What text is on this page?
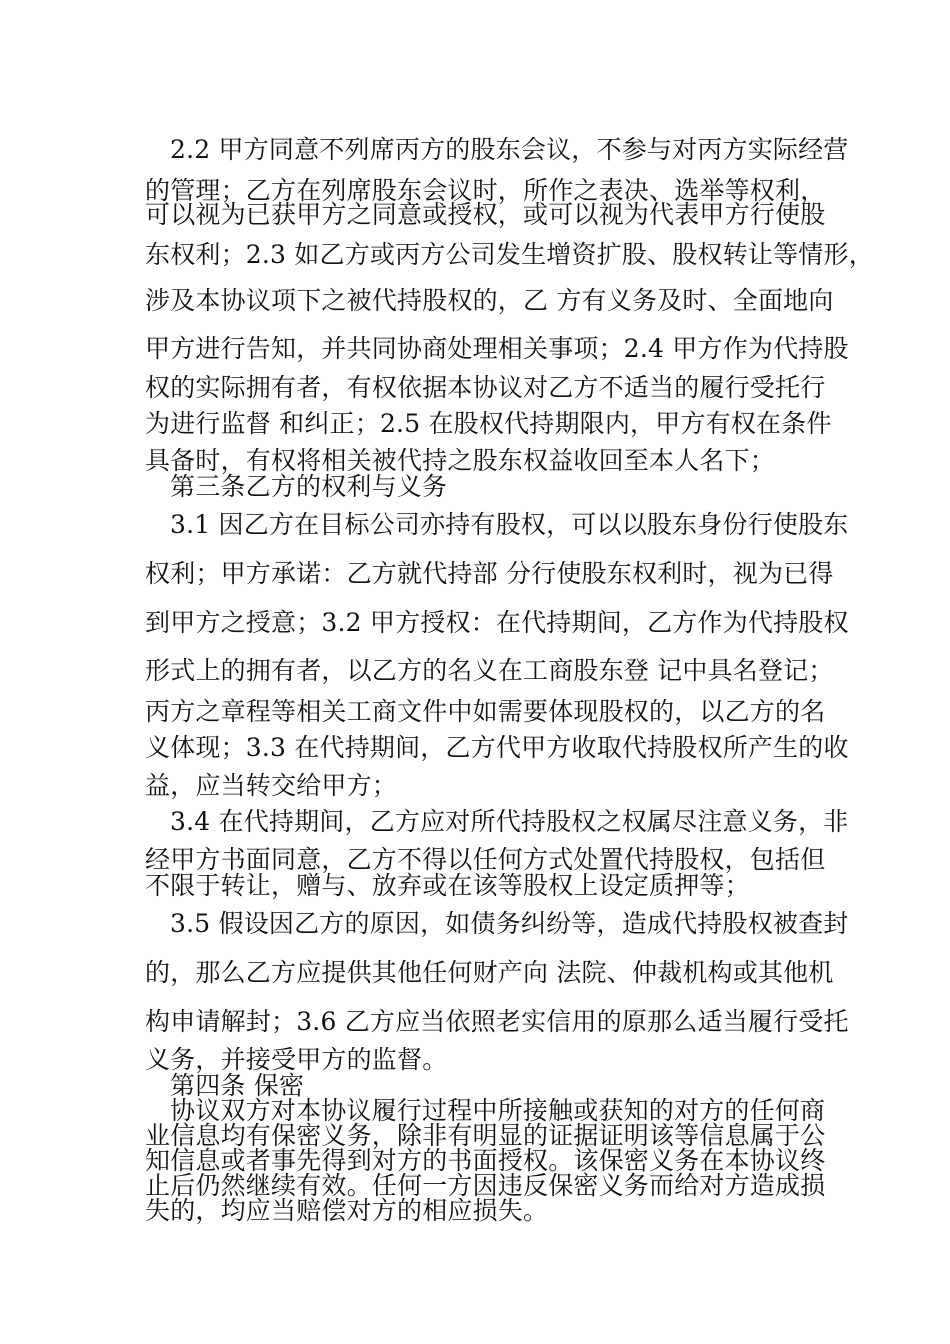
2.2 甲方同意不列席丙方的股东会议，不参与对丙方实际经营
的管理；乙方在列席股东会议时，所作之表决、选举等权利，
可以视为已获甲方之同意或授权，或可以视为代表甲方行使股
东权利；2.3 如乙方或丙方公司发生增资扩股、股权转让等情形，
涉及本协议项下之被代持股权的，乙 方有义务及时、全面地向
甲方进行告知，并共同协商处理相关事项；2.4 甲方作为代持股
权的实际拥有者，有权依据本协议对乙方不适当的履行受托行
为进行监督 和纠正；2.5 在股权代持期限内，甲方有权在条件
具备时，有权将相关被代持之股东权益收回至本人名下；
第三条乙方的权利与义务
3.1 因乙方在目标公司亦持有股权，可以以股东身份行使股东
权利；甲方承诺：乙方就代持部 分行使股东权利时，视为已得
到甲方之授意；3.2 甲方授权：在代持期间，乙方作为代持股权
形式上的拥有者，以乙方的名义在工商股东登 记中具名登记；
丙方之章程等相关工商文件中如需要体现股权的，以乙方的名
义体现；3.3 在代持期间，乙方代甲方收取代持股权所产生的收
益，应当转交给甲方；
3.4 在代持期间，乙方应对所代持股权之权属尽注意义务，非
经甲方书面同意，乙方不得以任何方式处置代持股权，包括但
不限于转让，赠与、放弃或在该等股权上设定质押等；
3.5 假设因乙方的原因，如债务纠纷等，造成代持股权被查封
的，那么乙方应提供其他任何财产向 法院、仲裁机构或其他机
构申请解封；3.6 乙方应当依照老实信用的原那么适当履行受托
义务，并接受甲方的监督。
第四条 保密
协议双方对本协议履行过程中所接触或获知的对方的任何商
业信息均有保密义务，除非有明显的证据证明该等信息属于公
知信息或者事先得到对方的书面授权。该保密义务在本协议终
止后仍然继续有效。任何一方因违反保密义务而给对方造成损
失的，均应当赔偿对方的相应损失。
